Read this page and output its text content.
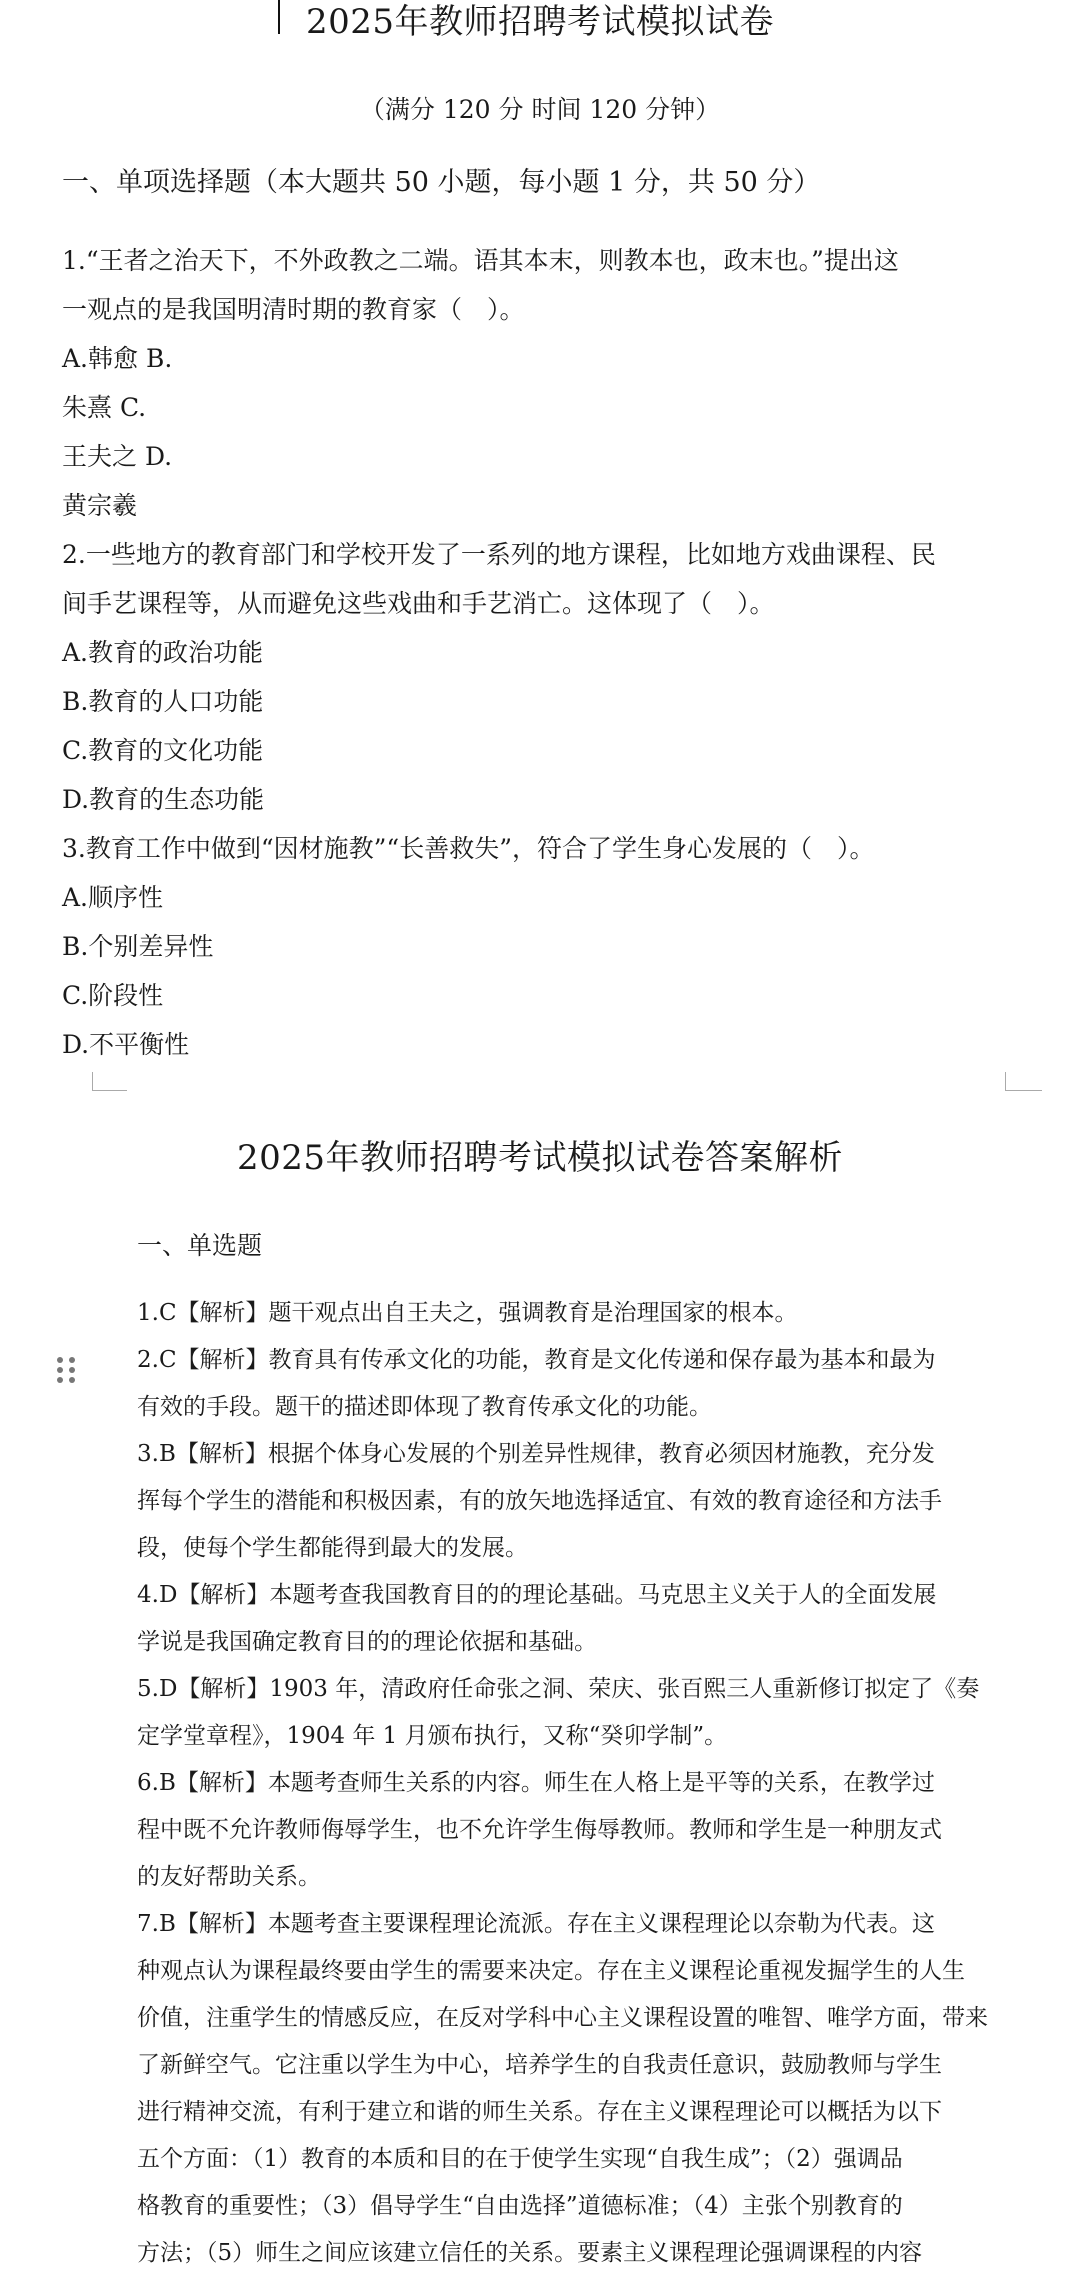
2025年教师招聘考试模拟试卷
（满分 120 分 时间 120 分钟）
一、单项选择题（本大题共 50 小题，每小题 1 分，共 50 分）
1.“王者之治天下，不外政教之二端。语其本末，则教本也，政末也。”提出这
一观点的是我国明清时期的教育家（　）。
A.韩愈 B.
朱熹 C.
王夫之 D.
黄宗羲
2.一些地方的教育部门和学校开发了一系列的地方课程，比如地方戏曲课程、民
间手艺课程等，从而避免这些戏曲和手艺消亡。这体现了（　）。
A.教育的政治功能
B.教育的人口功能
C.教育的文化功能
D.教育的生态功能
3.教育工作中做到“因材施教”“长善救失”，符合了学生身心发展的（　）。
A.顺序性
B.个别差异性
C.阶段性
D.不平衡性
2025年教师招聘考试模拟试卷答案解析
一、单选题
1.C【解析】题干观点出自王夫之，强调教育是治理国家的根本。
2.C【解析】教育具有传承文化的功能，教育是文化传递和保存最为基本和最为
有效的手段。题干的描述即体现了教育传承文化的功能。
3.B【解析】根据个体身心发展的个别差异性规律，教育必须因材施教，充分发
挥每个学生的潜能和积极因素，有的放矢地选择适宜、有效的教育途径和方法手
段，使每个学生都能得到最大的发展。
4.D【解析】本题考查我国教育目的的理论基础。马克思主义关于人的全面发展
学说是我国确定教育目的的理论依据和基础。
5.D【解析】1903 年，清政府任命张之洞、荣庆、张百熙三人重新修订拟定了《奏
定学堂章程》，1904 年 1 月颁布执行，又称“癸卯学制”。
6.B【解析】本题考查师生关系的内容。师生在人格上是平等的关系，在教学过
程中既不允许教师侮辱学生，也不允许学生侮辱教师。教师和学生是一种朋友式
的友好帮助关系。
7.B【解析】本题考查主要课程理论流派。存在主义课程理论以奈勒为代表。这
种观点认为课程最终要由学生的需要来决定。存在主义课程论重视发掘学生的人生
价值，注重学生的情感反应，在反对学科中心主义课程设置的唯智、唯学方面，带来
了新鲜空气。它注重以学生为中心，培养学生的自我责任意识，鼓励教师与学生
进行精神交流，有利于建立和谐的师生关系。存在主义课程理论可以概括为以下
五个方面：（1）教育的本质和目的在于使学生实现“自我生成”；（2）强调品
格教育的重要性；（3）倡导学生“自由选择”道德标准；（4）主张个别教育的
方法；（5）师生之间应该建立信任的关系。要素主义课程理论强调课程的内容
